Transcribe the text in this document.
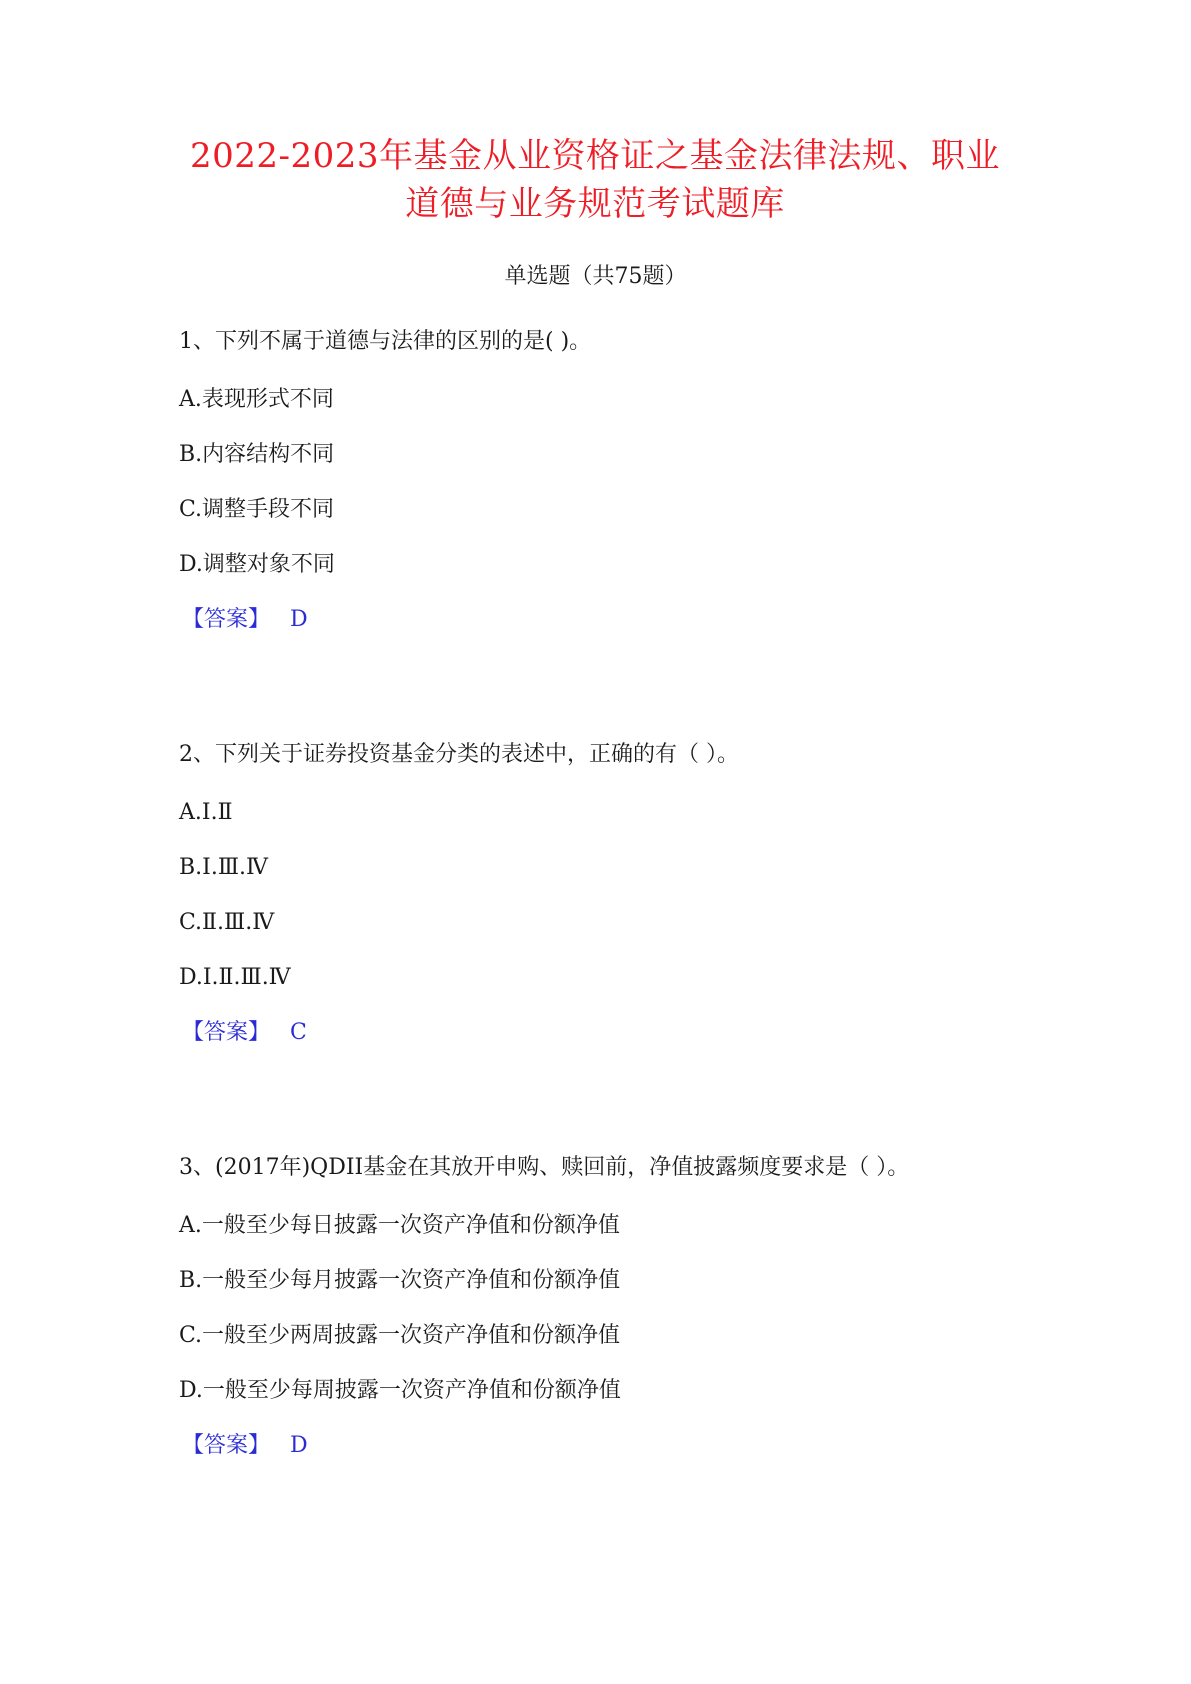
2022-2023年基金从业资格证之基金法律法规、职业
道德与业务规范考试题库
单选题（共75题）
1、下列不属于道德与法律的区别的是( )。
A.表现形式不同
B.内容结构不同
C.调整手段不同
D.调整对象不同
【答案】 D
2、下列关于证券投资基金分类的表述中，正确的有（ ）。
A.Ⅰ.Ⅱ
B.Ⅰ.Ⅲ.Ⅳ
C.Ⅱ.Ⅲ.Ⅳ
D.Ⅰ.Ⅱ.Ⅲ.Ⅳ
【答案】 C
3、(2017年)QDII基金在其放开申购、赎回前，净值披露频度要求是（ ）。
A.一般至少每日披露一次资产净值和份额净值
B.一般至少每月披露一次资产净值和份额净值
C.一般至少两周披露一次资产净值和份额净值
D.一般至少每周披露一次资产净值和份额净值
【答案】 D
